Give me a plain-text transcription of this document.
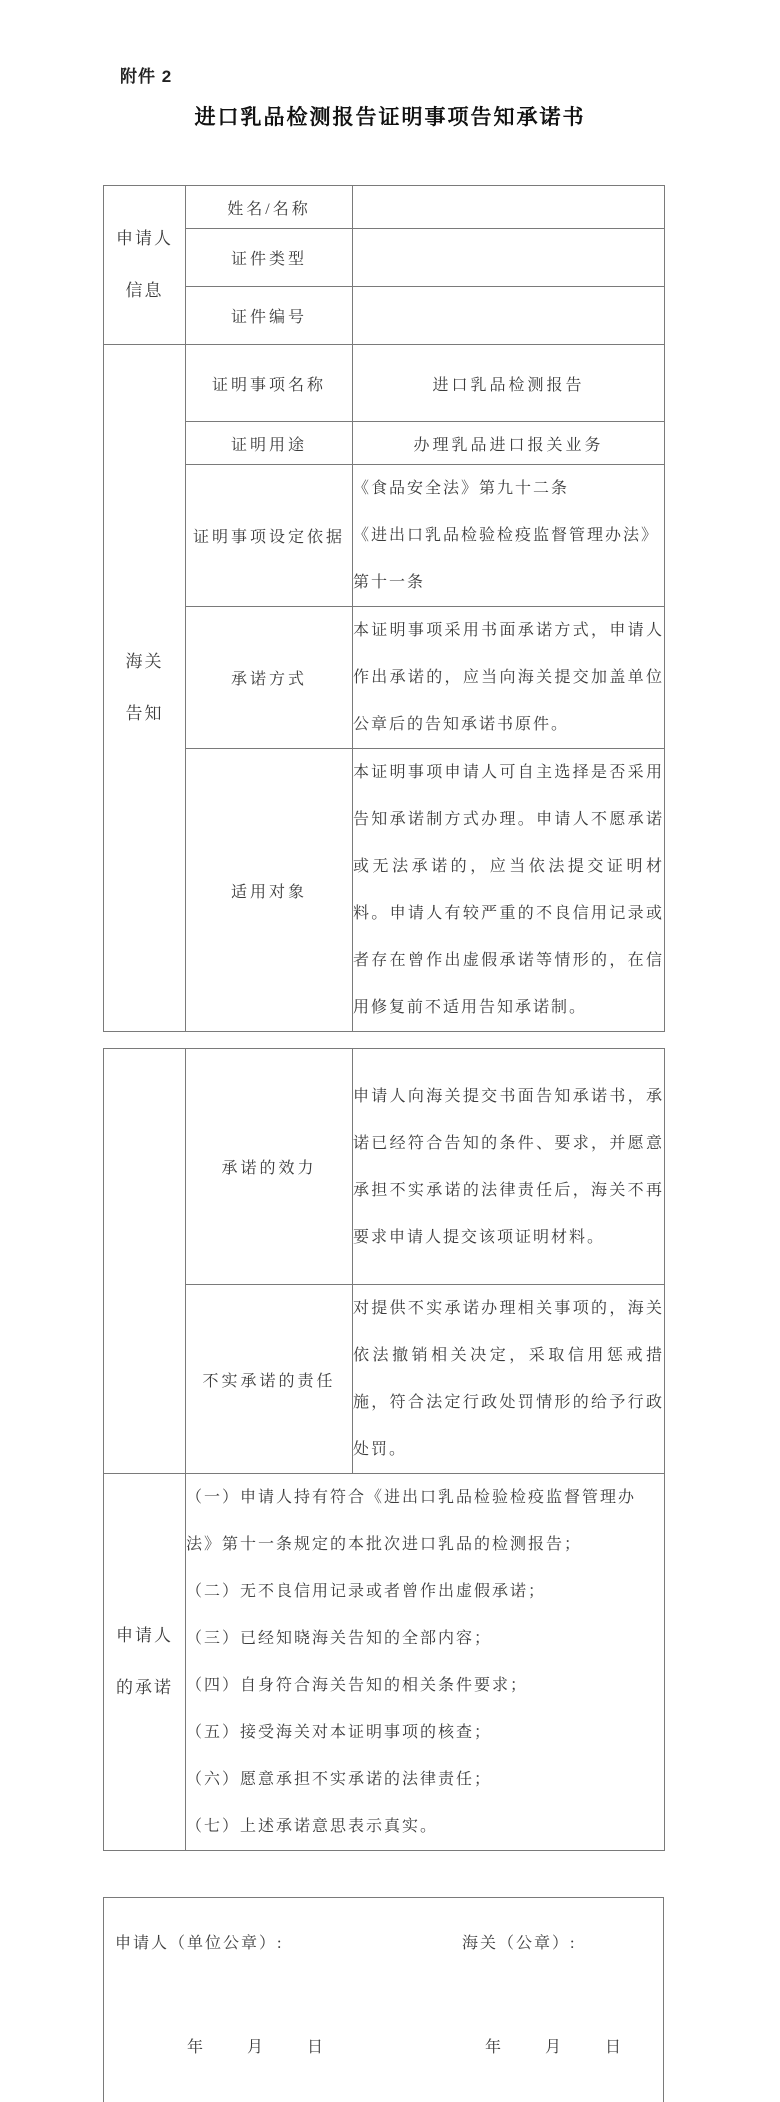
附件 2
进口乳品检测报告证明事项告知承诺书
申请人
信息	姓名/名称	
	证件类型	
	证件编号	

海关
告知	证明事项名称	进口乳品检测报告
	证明用途	办理乳品进口报关业务
	证明事项设定依据	《食品安全法》第九十二条

《进出口乳品检验检疫监督管理办法》第十一条

	承诺方式	本证明事项采用书面承诺方式，申请人作出承诺的，应当向海关提交加盖单位公章后的告知承诺书原件。

	适用对象	本证明事项申请人可自主选择是否采用告知承诺制方式办理。申请人不愿承诺或无法承诺的，应当依法提交证明材料。申请人有较严重的不良信用记录或者存在曾作出虚假承诺等情形的，在信用修复前不适用告知承诺制。

	承诺的效力	申请人向海关提交书面告知承诺书，承诺已经符合告知的条件、要求，并愿意承担不实承诺的法律责任后，海关不再要求申请人提交该项证明材料。

	不实承诺的责任	对提供不实承诺办理相关事项的，海关依法撤销相关决定，采取信用惩戒措施，符合法定行政处罚情形的给予行政处罚。

申请人
的承诺

（一）申请人持有符合《进出口乳品检验检疫监督管理办法》第十一条规定的本批次进口乳品的检测报告；

（二）无不良信用记录或者曾作出虚假承诺；

（三）已经知晓海关告知的全部内容；

（四）自身符合海关告知的相关条件要求；

（五）接受海关对本证明事项的核查；

（六）愿意承担不实承诺的法律责任；

（七）上述承诺意思表示真实。

申请人（单位公章）:	海关（公章）:
年	月	日	年	月	日
